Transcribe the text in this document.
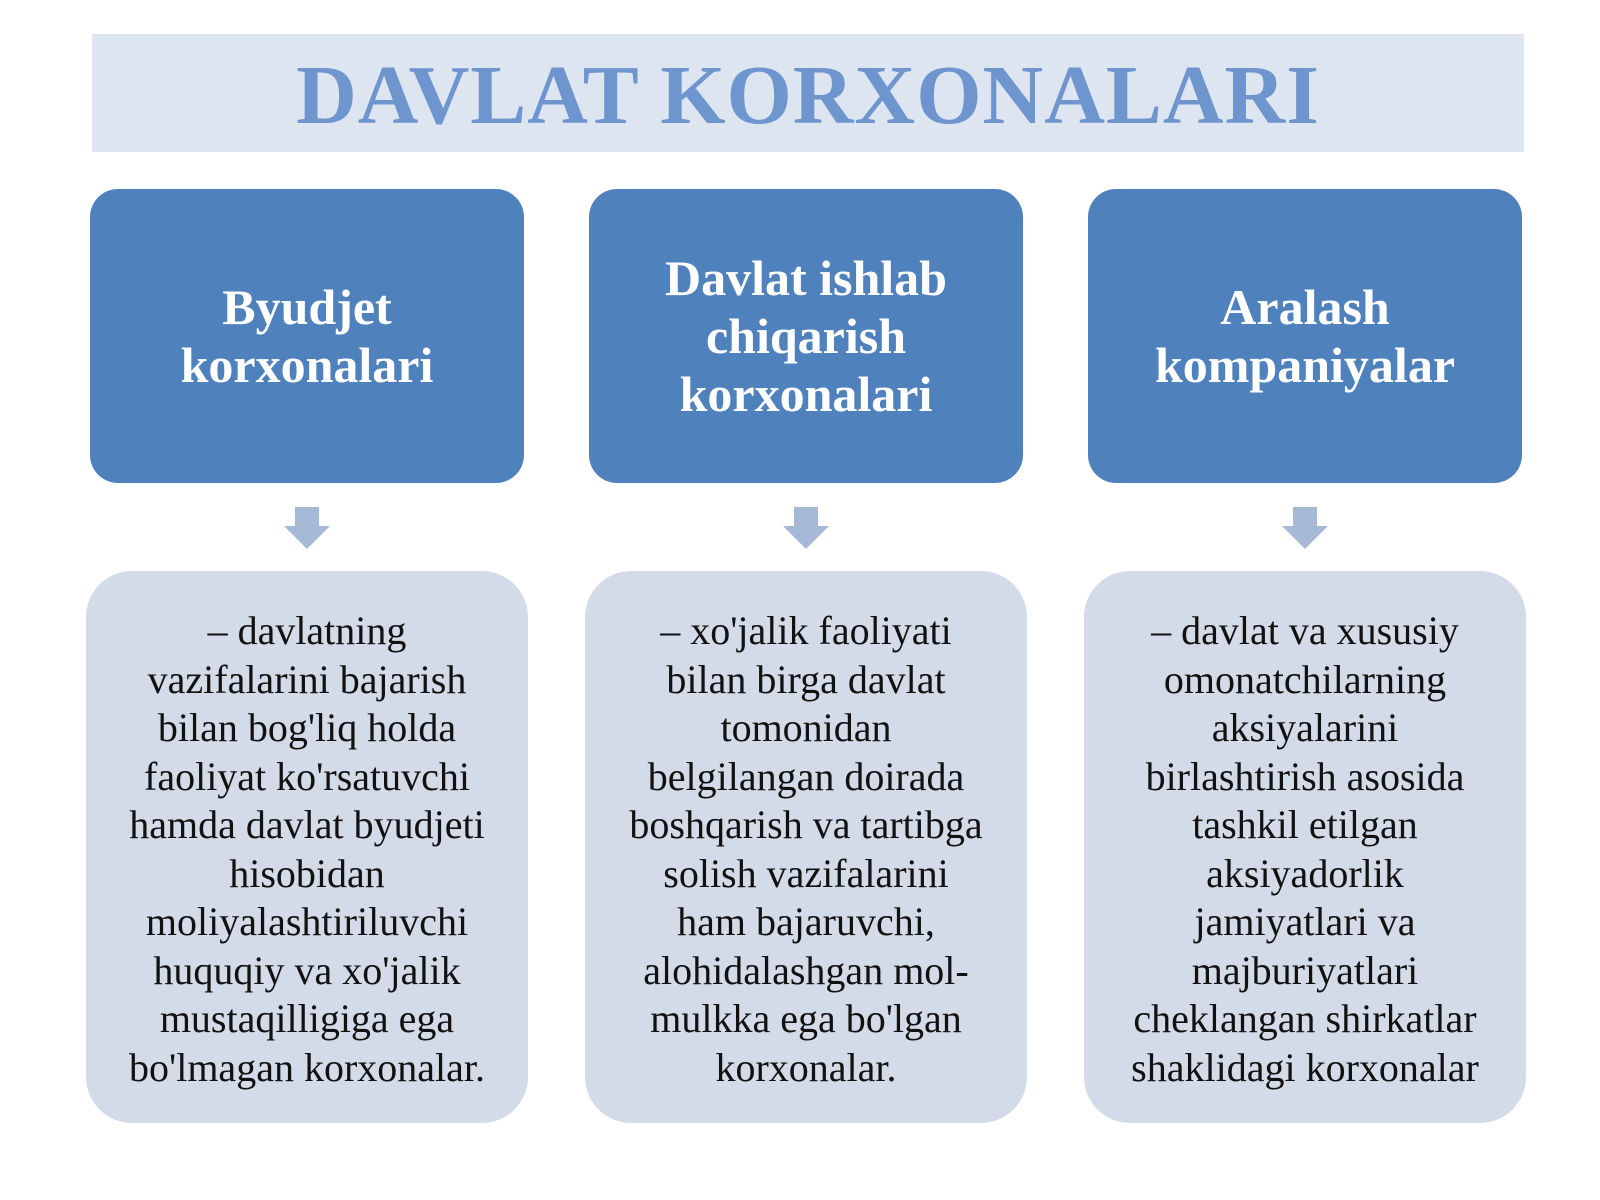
DAVLAT KORXONALARI
Byudjet
korxonalari
– davlatning
vazifalarini bajarish
bilan bog'liq holda
faoliyat ko'rsatuvchi
hamda davlat byudjeti
hisobidan
moliyalashtiriluvchi
huquqiy va xo'jalik
mustaqilligiga ega
bo'lmagan korxonalar.
Davlat ishlab
chiqarish
korxonalari
– xo'jalik faoliyati
bilan birga davlat
tomonidan
belgilangan doirada
boshqarish va tartibga
solish vazifalarini
ham bajaruvchi,
alohidalashgan mol-
mulkka ega bo'lgan
korxonalar.
Aralash
kompaniyalar
– davlat va xususiy
omonatchilarning
aksiyalarini
birlashtirish asosida
tashkil etilgan
aksiyadorlik
jamiyatlari va
majburiyatlari
cheklangan shirkatlar
shaklidagi korxonalar
